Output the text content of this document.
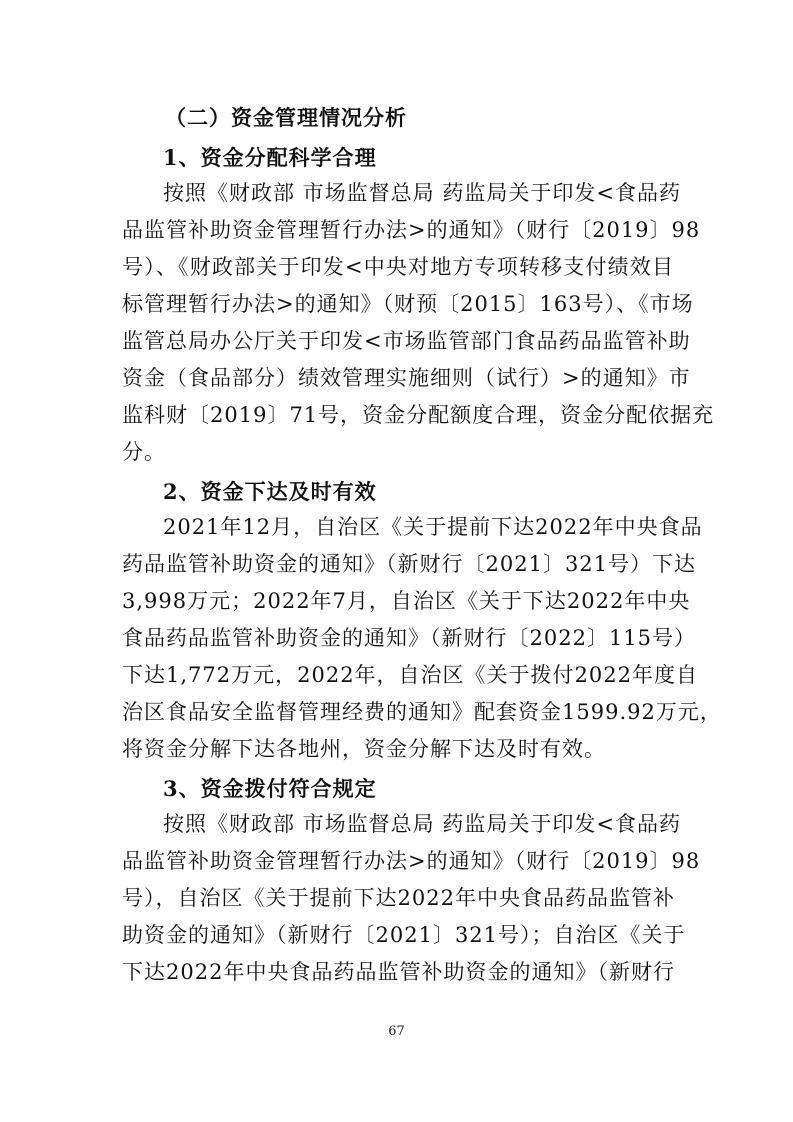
（二）资金管理情况分析
1、资金分配科学合理
按照《财政部 市场监督总局 药监局关于印发<食品药
品监管补助资金管理暂行办法>的通知》（财行〔2019〕98
号）、《财政部关于印发<中央对地方专项转移支付绩效目
标管理暂行办法>的通知》（财预〔2015〕163号）、《市场
监管总局办公厅关于印发<市场监管部门食品药品监管补助
资金（食品部分）绩效管理实施细则（试行）>的通知》市
监科财〔2019〕71号，资金分配额度合理，资金分配依据充
分。
2、资金下达及时有效
2021年12月，自治区《关于提前下达2022年中央食品
药品监管补助资金的通知》（新财行〔2021〕321号）下达
3,998万元；2022年7月，自治区《关于下达2022年中央
食品药品监管补助资金的通知》（新财行〔2022〕115号）
下达1,772万元，2022年，自治区《关于拨付2022年度自
治区食品安全监督管理经费的通知》配套资金1599.92万元，
将资金分解下达各地州，资金分解下达及时有效。
3、资金拨付符合规定
按照《财政部 市场监督总局 药监局关于印发<食品药
品监管补助资金管理暂行办法>的通知》（财行〔2019〕98
号），自治区《关于提前下达2022年中央食品药品监管补
助资金的通知》（新财行〔2021〕321号）；自治区《关于
下达2022年中央食品药品监管补助资金的通知》（新财行
67
